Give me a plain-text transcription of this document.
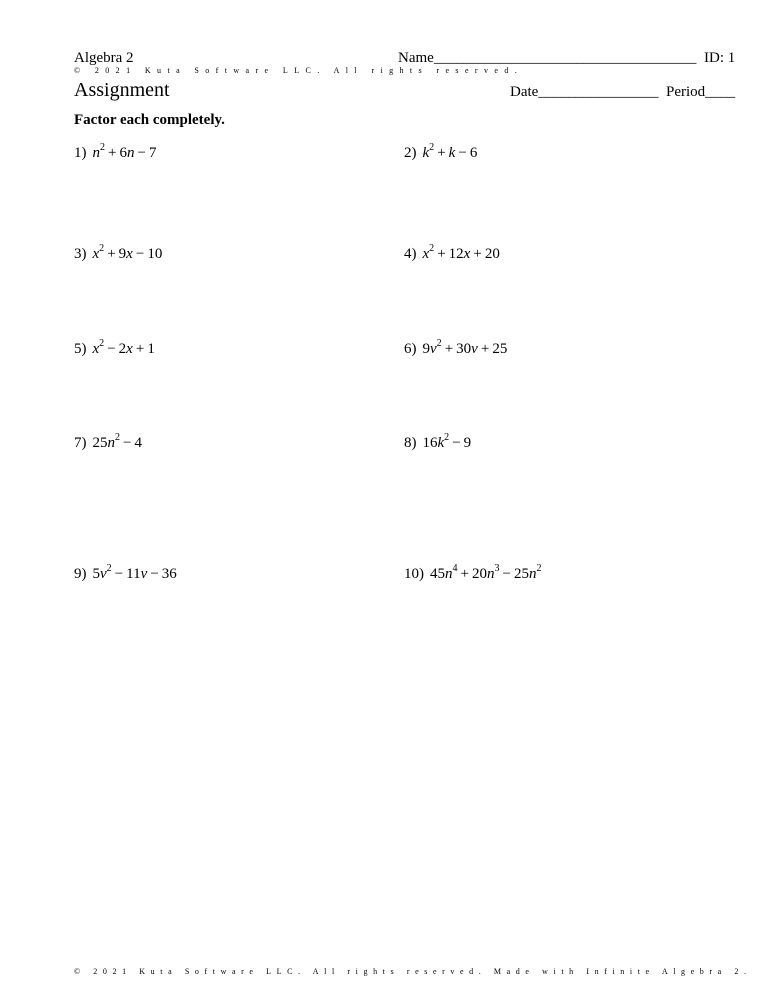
Algebra 2	Name___________________________________ ID: 1
© 2021 Kuta Software LLC. All rights reserved.
Assignment	Date________________ Period____
Factor each completely.
1) $n^2 + 6n - 7$	2) $k^2 + k - 6$
3) $x^2 + 9x - 10$	4) $x^2 + 12x + 20$
5) $x^2 - 2x + 1$	6) $9v^2 + 30v + 25$
7) $25n^2 - 4$	8) $16k^2 - 9$
9) $5v^2 - 11v - 36$	10) $45n^4 + 20n^3 - 25n^2$
© 2021 Kuta Software LLC. All rights reserved. Made with Infinite Algebra 2.
